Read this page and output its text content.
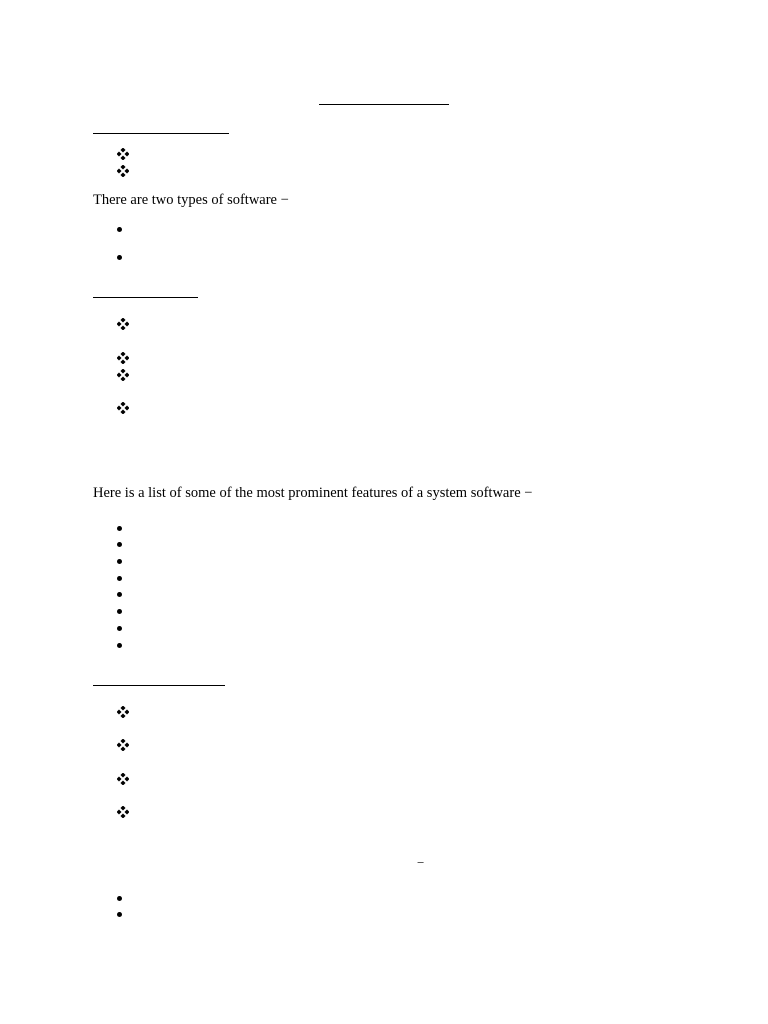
There are two types of software −
Here is a list of some of the most prominent features of a system software −
−
